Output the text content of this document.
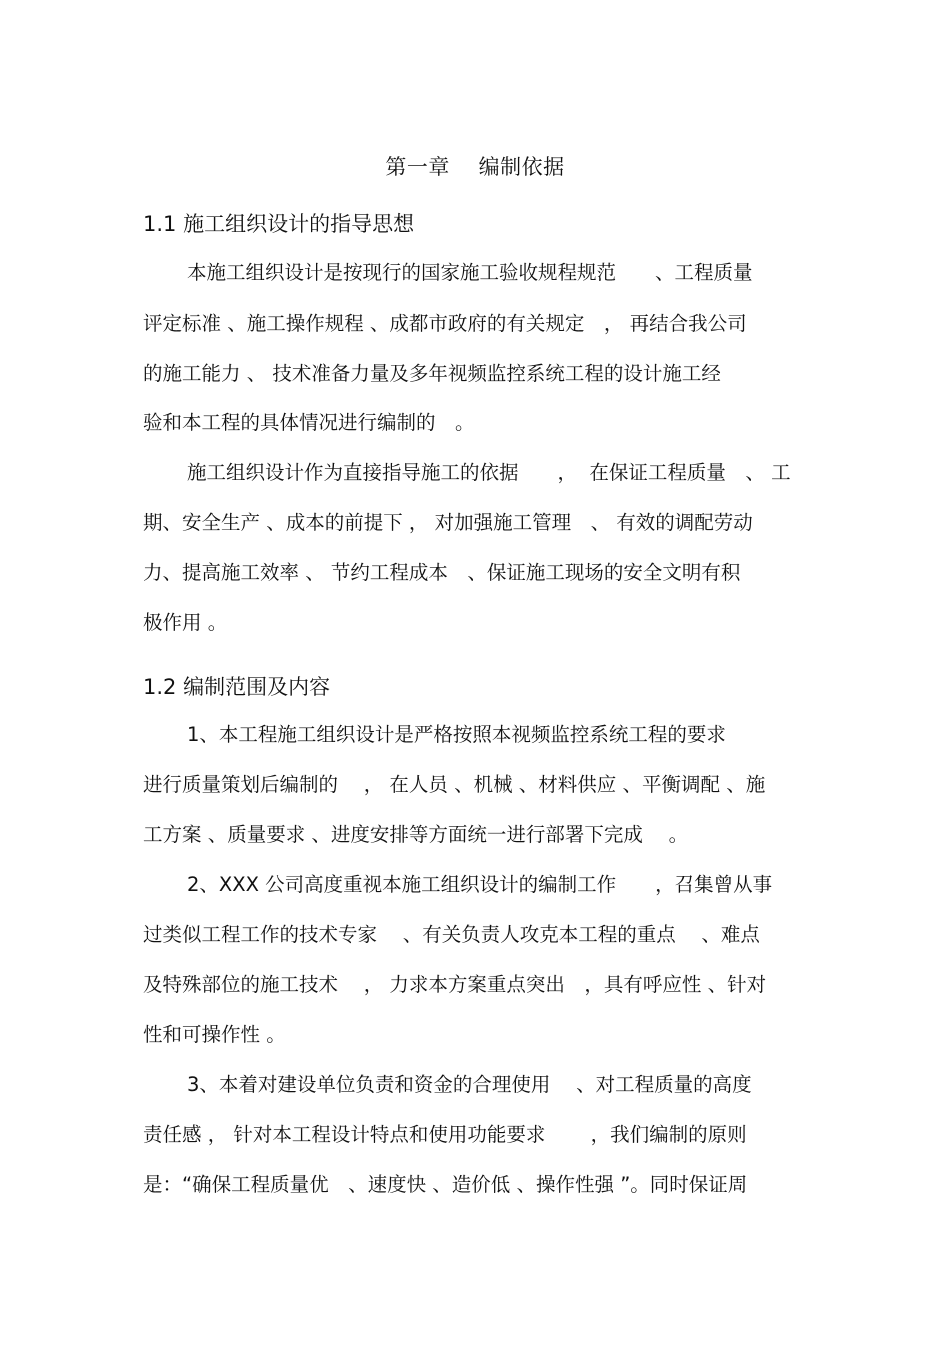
第一章　 编制依据
1.1 施工组织设计的指导思想
本施工组织设计是按现行的国家施工验收规程规范　　、工程质量
评定标准 、施工操作规程 、成都市政府的有关规定　， 再结合我公司
的施工能力 、 技术准备力量及多年视频监控系统工程的设计施工经
验和本工程的具体情况进行编制的　。
施工组织设计作为直接指导施工的依据　　，  在保证工程质量　、 工
期、安全生产 、成本的前提下 ， 对加强施工管理　、 有效的调配劳动
力、提高施工效率 、 节约工程成本　、保证施工现场的安全文明有积
极作用 。
1.2 编制范围及内容
1、本工程施工组织设计是严格按照本视频监控系统工程的要求
进行质量策划后编制的　 ， 在人员 、机械 、材料供应 、平衡调配 、施
工方案 、质量要求 、进度安排等方面统一进行部署下完成　 。
2、XXX 公司高度重视本施工组织设计的编制工作　　，召集曾从事
过类似工程工作的技术专家　 、有关负责人攻克本工程的重点　 、难点
及特殊部位的施工技术　 ， 力求本方案重点突出　，具有呼应性 、针对
性和可操作性 。
3、本着对建设单位负责和资金的合理使用　 、对工程质量的高度
责任感 ， 针对本工程设计特点和使用功能要求　　 ，我们编制的原则
是：“确保工程质量优　、速度快 、造价低 、操作性强 ”。同时保证周
